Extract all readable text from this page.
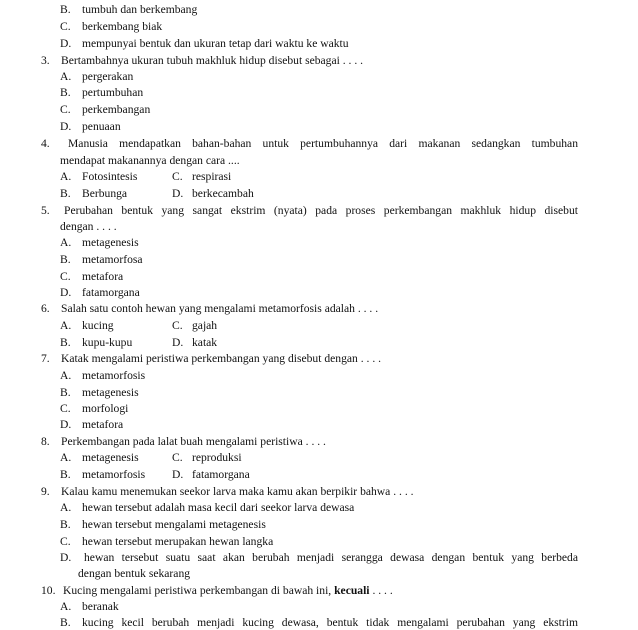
B. tumbuh dan berkembang
C. berkembang biak
D. mempunyai bentuk dan ukuran tetap dari waktu ke waktu
3. Bertambahnya ukuran tubuh makhluk hidup disebut sebagai . . . .
A. pergerakan
B. pertumbuhan
C. perkembangan
D. penuaan
4. Manusia mendapatkan bahan-bahan untuk pertumbuhannya dari makanan sedangkan tumbuhan
mendapat makanannya dengan cara ....
A. Fotosintesis	C. respirasi
B. Berbunga	D. berkecambah
5. Perubahan bentuk yang sangat ekstrim (nyata) pada proses perkembangan makhluk hidup disebut
dengan . . . .
A. metagenesis
B. metamorfosa
C. metafora
D. fatamorgana
6. Salah satu contoh hewan yang mengalami metamorfosis adalah . . . .
A. kucing	C. gajah
B. kupu-kupu	D. katak
7. Katak mengalami peristiwa perkembangan yang disebut dengan . . . .
A. metamorfosis
B. metagenesis
C. morfologi
D. metafora
8. Perkembangan pada lalat buah mengalami peristiwa . . . .
A. metagenesis	C. reproduksi
B. metamorfosis D. fatamorgana
9. Kalau kamu menemukan seekor larva maka kamu akan berpikir bahwa . . . .
A. hewan tersebut adalah masa kecil dari seekor larva dewasa
B. hewan tersebut mengalami metagenesis
C. hewan tersebut merupakan hewan langka
D. hewan tersebut suatu saat akan berubah menjadi serangga dewasa dengan bentuk yang berbeda
dengan bentuk sekarang
10. Kucing mengalami peristiwa perkembangan di bawah ini, kecuali . . . .
A. beranak
B. kucing kecil berubah menjadi kucing dewasa, bentuk tidak mengalami perubahan yang ekstrim
